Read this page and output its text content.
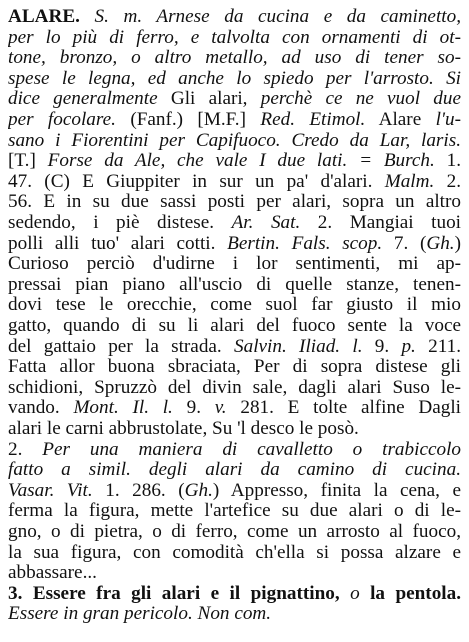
ALARE. S. m. Arnese da cucina e da caminetto,
per lo più di ferro, e talvolta con ornamenti di ot-
tone, bronzo, o altro metallo, ad uso di tener so-
spese le legna, ed anche lo spiedo per l'arrosto. Si
dice generalmente Gli alari, perchè ce ne vuol due
per focolare. (Fanf.) [M.F.] Red. Etimol. Alare l'u-
sano i Fiorentini per Capifuoco. Credo da Lar, laris.
[T.] Forse da Ale, che vale I due lati. = Burch. 1.
47. (C) E Giuppiter in sur un pa' d'alari. Malm. 2.
56. E in su due sassi posti per alari, sopra un altro
sedendo, i piè distese. Ar. Sat. 2. Mangiai tuoi
polli alli tuo' alari cotti. Bertin. Fals. scop. 7. (Gh.)
Curioso perciò d'udirne i lor sentimenti, mi ap-
pressai pian piano all'uscio di quelle stanze, tenen-
dovi tese le orecchie, come suol far giusto il mio
gatto, quando di su li alari del fuoco sente la voce
del gattaio per la strada. Salvin. Iliad. l. 9. p. 211.
Fatta allor buona sbraciata, Per di sopra distese gli
schidioni, Spruzzò del divin sale, dagli alari Suso le-
vando. Mont. Il. l. 9. v. 281. E tolte alfine Dagli
alari le carni abbrustolate, Su 'l desco le posò.
2. Per una maniera di cavalletto o trabiccolo
fatto a simil. degli alari da camino di cucina.
Vasar. Vit. 1. 286. (Gh.) Appresso, finita la cena, e
ferma la figura, mette l'artefice su due alari o di le-
gno, o di pietra, o di ferro, come un arrosto al fuoco,
la sua figura, con comodità ch'ella si possa alzare e
abbassare...
3. Essere fra gli alari e il pignattino, o la pentola.
Essere in gran pericolo. Non com.
